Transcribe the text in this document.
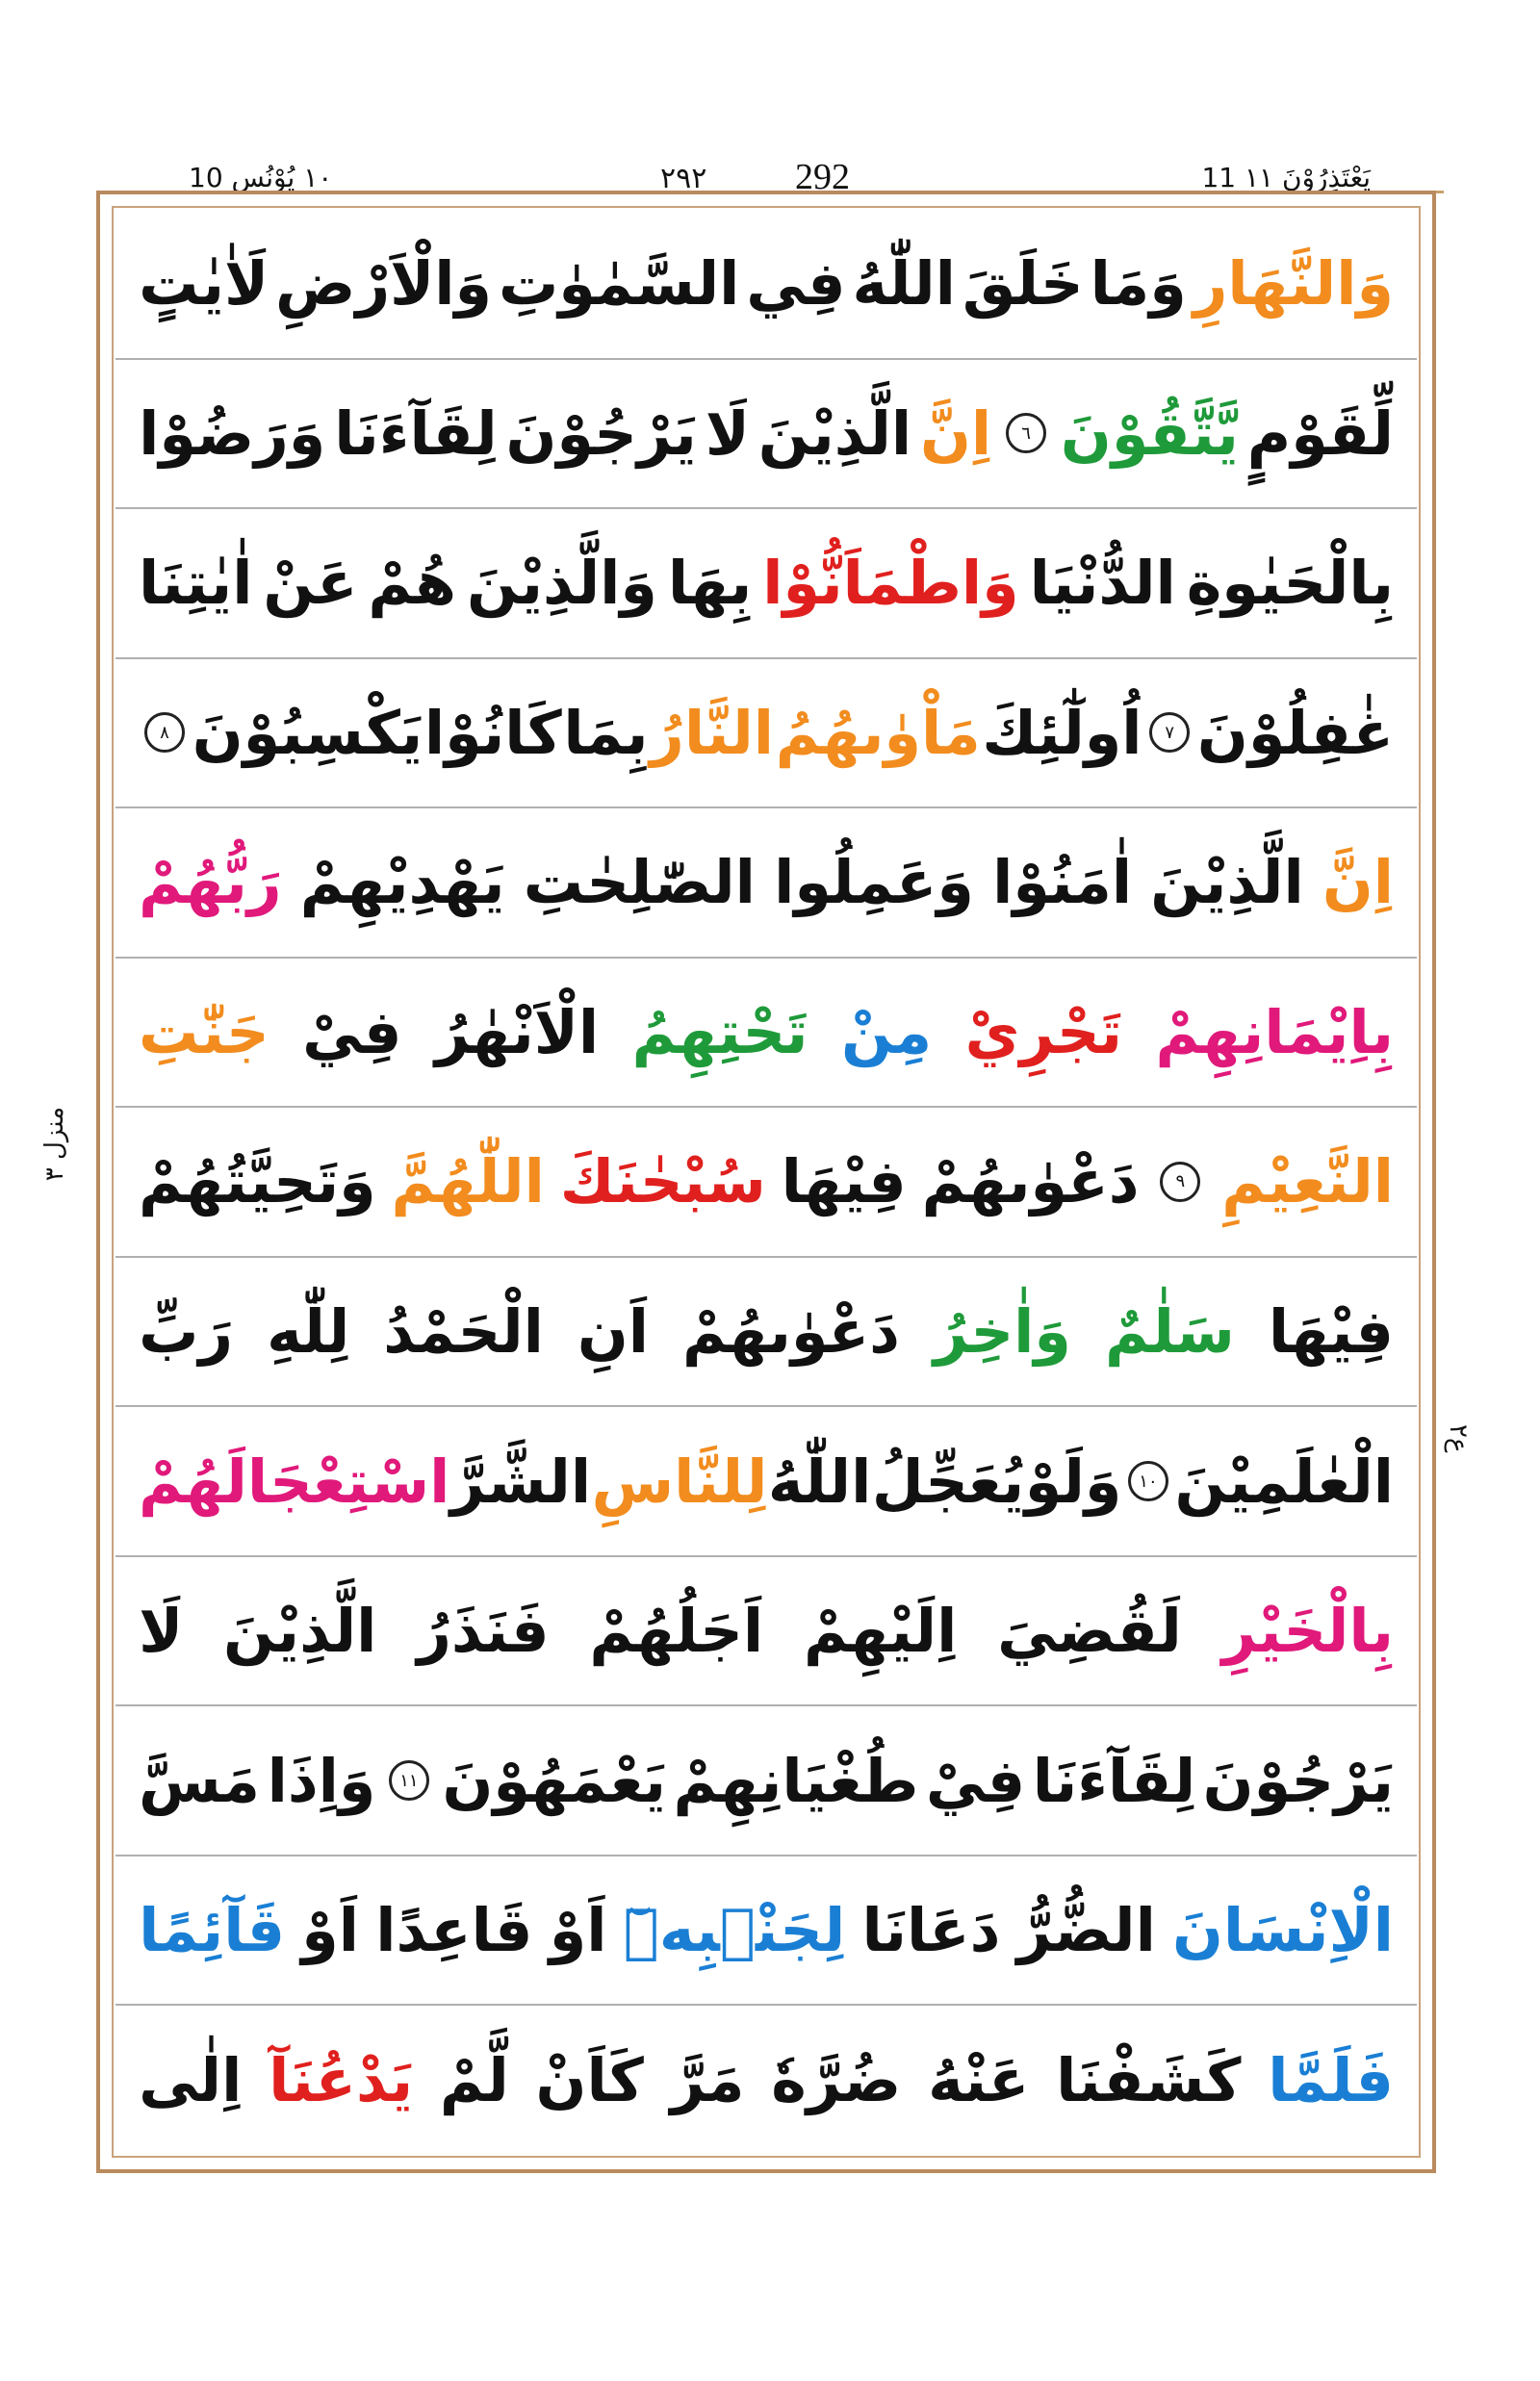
١٠ يُوْنُس 10	٢٩٢ 292	11 يَعْتَذِرُوْنَ ١١
وَالنَّهَارِ
وَمَا
خَلَقَ
اللّٰهُ
فِي
السَّمٰوٰتِ
وَالْاَرْضِ
لَاٰيٰتٍ
لِّقَوْمٍ
يَّتَّقُوْنَ
٦
اِنَّ
الَّذِيْنَ
لَا
يَرْجُوْنَ
لِقَآءَنَا
وَرَضُوْا
بِالْحَيٰوةِ
الدُّنْيَا
وَاطْمَاَنُّوْا
بِهَا
وَالَّذِيْنَ
هُمْ
عَنْ
اٰيٰتِنَا
غٰفِلُوْنَ
٧
اُولٰٓئِكَ
مَاْوٰىهُمُ
النَّارُ
بِمَا
كَانُوْا
يَكْسِبُوْنَ
٨
اِنَّ
الَّذِيْنَ
اٰمَنُوْا
وَعَمِلُوا
الصّٰلِحٰتِ
يَهْدِيْهِمْ
رَبُّهُمْ
بِاِيْمَانِهِمْ
تَجْرِيْ
مِنْ
تَحْتِهِمُ
الْاَنْهٰرُ
فِيْ
جَنّٰتِ
النَّعِيْمِ
٩
دَعْوٰىهُمْ
فِيْهَا
سُبْحٰنَكَ
اللّٰهُمَّ
وَتَحِيَّتُهُمْ
فِيْهَا
سَلٰمٌ
وَاٰخِرُ
دَعْوٰىهُمْ
اَنِ
الْحَمْدُ
لِلّٰهِ
رَبِّ
الْعٰلَمِيْنَ
١٠
وَلَوْ
يُعَجِّلُ
اللّٰهُ
لِلنَّاسِ
الشَّرَّ
اسْتِعْجَالَهُمْ
بِالْخَيْرِ
لَقُضِيَ
اِلَيْهِمْ
اَجَلُهُمْ
فَنَذَرُ
الَّذِيْنَ
لَا
يَرْجُوْنَ
لِقَآءَنَا
فِيْ
طُغْيَانِهِمْ
يَعْمَهُوْنَ
١١
وَاِذَا
مَسَّ
الْاِنْسَانَ
الضُّرُّ
دَعَانَا
لِجَنْۢبِهٖٓ
اَوْ
قَاعِدًا
اَوْ
قَآئِمًا
فَلَمَّا
كَشَفْنَا
عَنْهُ
ضُرَّهٗ
مَرَّ
كَاَنْ
لَّمْ
يَدْعُنَآ
اِلٰى
منزل ٣
ع٢
